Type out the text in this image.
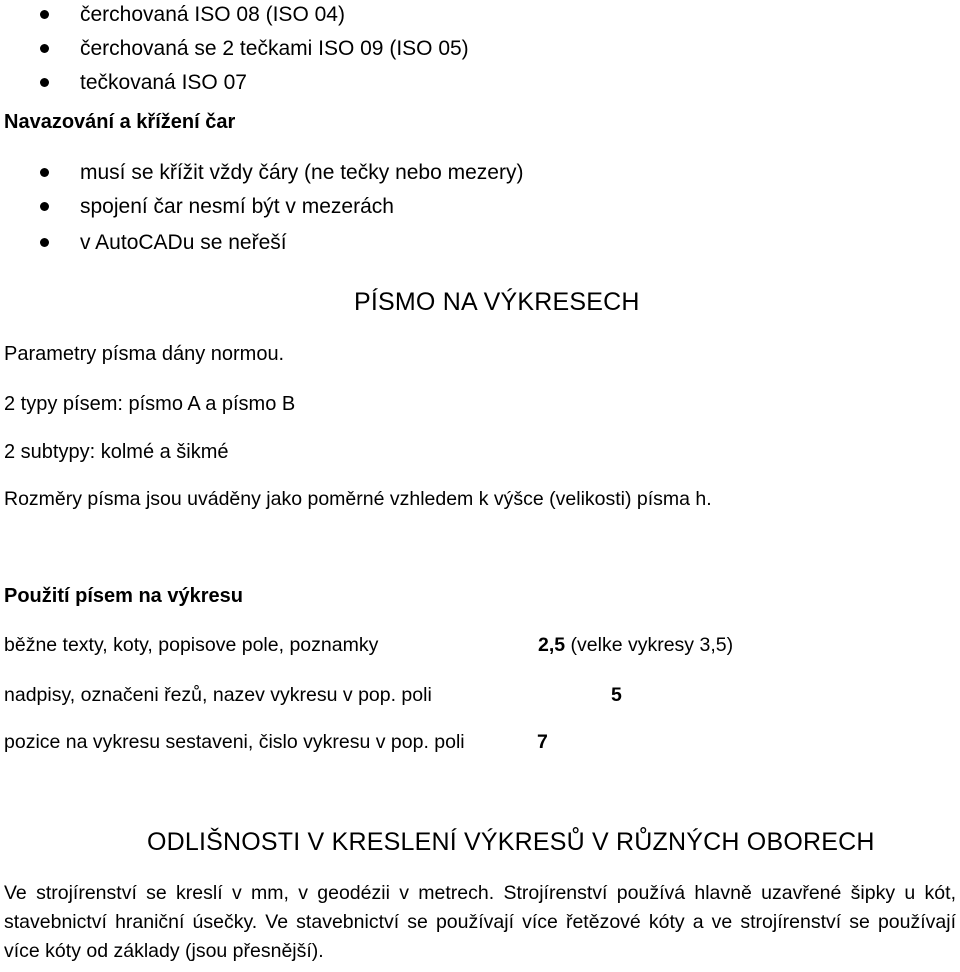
čerchovaná ISO 08 (ISO 04)
čerchovaná se 2 tečkami ISO 09 (ISO 05)
tečkovaná ISO 07
Navazování a křížení čar
musí se křížit vždy čáry (ne tečky nebo mezery)
spojení čar nesmí být v mezerách
v AutoCADu se neřeší
PÍSMO NA VÝKRESECH
Parametry písma dány normou.
2 typy písem: písmo A a písmo B
2 subtypy: kolmé a šikmé
Rozměry písma jsou uváděny jako poměrné vzhledem k výšce (velikosti) písma h.
Použití písem na výkresu
běžne texty, koty, popisove pole, poznamky	2,5 (velke vykresy 3,5)
nadpisy, označeni řezů, nazev vykresu v pop. poli	5
pozice na vykresu sestaveni, čislo vykresu v pop. poli	7
ODLIŠNOSTI V KRESLENÍ VÝKRESŮ V RŮZNÝCH OBORECH
Ve strojírenství se kreslí v mm, v geodézii v metrech. Strojírenství používá hlavně uzavřené šipky u kót, stavebnictví hraniční úsečky. Ve stavebnictví se používají více řetězové kóty a ve strojírenství se používají více kóty od základy (jsou přesnější).
